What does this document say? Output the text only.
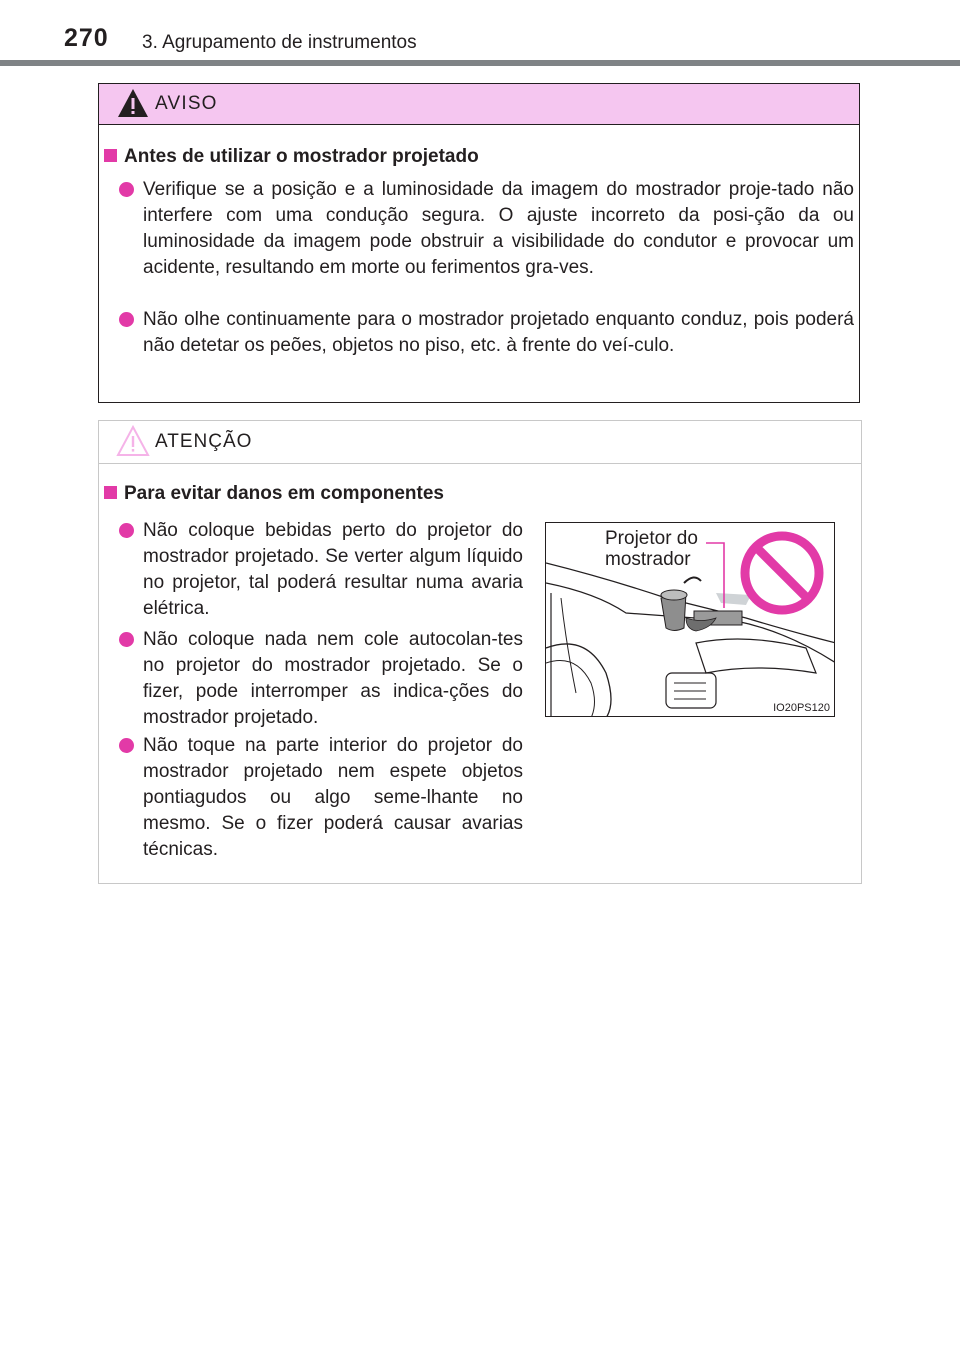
270 3. Agrupamento de instrumentos
AVISO
Antes de utilizar o mostrador projetado
Verifique se a posição e a luminosidade da imagem do mostrador proje-tado não interfere com uma condução segura. O ajuste incorreto da posi-ção da ou luminosidade da imagem pode obstruir a visibilidade do condutor e provocar um acidente, resultando em morte ou ferimentos gra-ves.
Não olhe continuamente para o mostrador projetado enquanto conduz, pois poderá não detetar os peões, objetos no piso, etc. à frente do veí-culo.
ATENÇÃO
Para evitar danos em componentes
Não coloque bebidas perto do projetor do mostrador projetado. Se verter algum líquido no projetor, tal poderá resultar numa avaria elétrica.
Não coloque nada nem cole autocolan-tes no projetor do mostrador projetado. Se o fizer, pode interromper as indica-ções do mostrador projetado.
Não toque na parte interior do projetor do mostrador projetado nem espete objetos pontiagudos ou algo seme-lhante no mesmo. Se o fizer poderá causar avarias técnicas.
Projetor do
mostrador
IO20PS120
